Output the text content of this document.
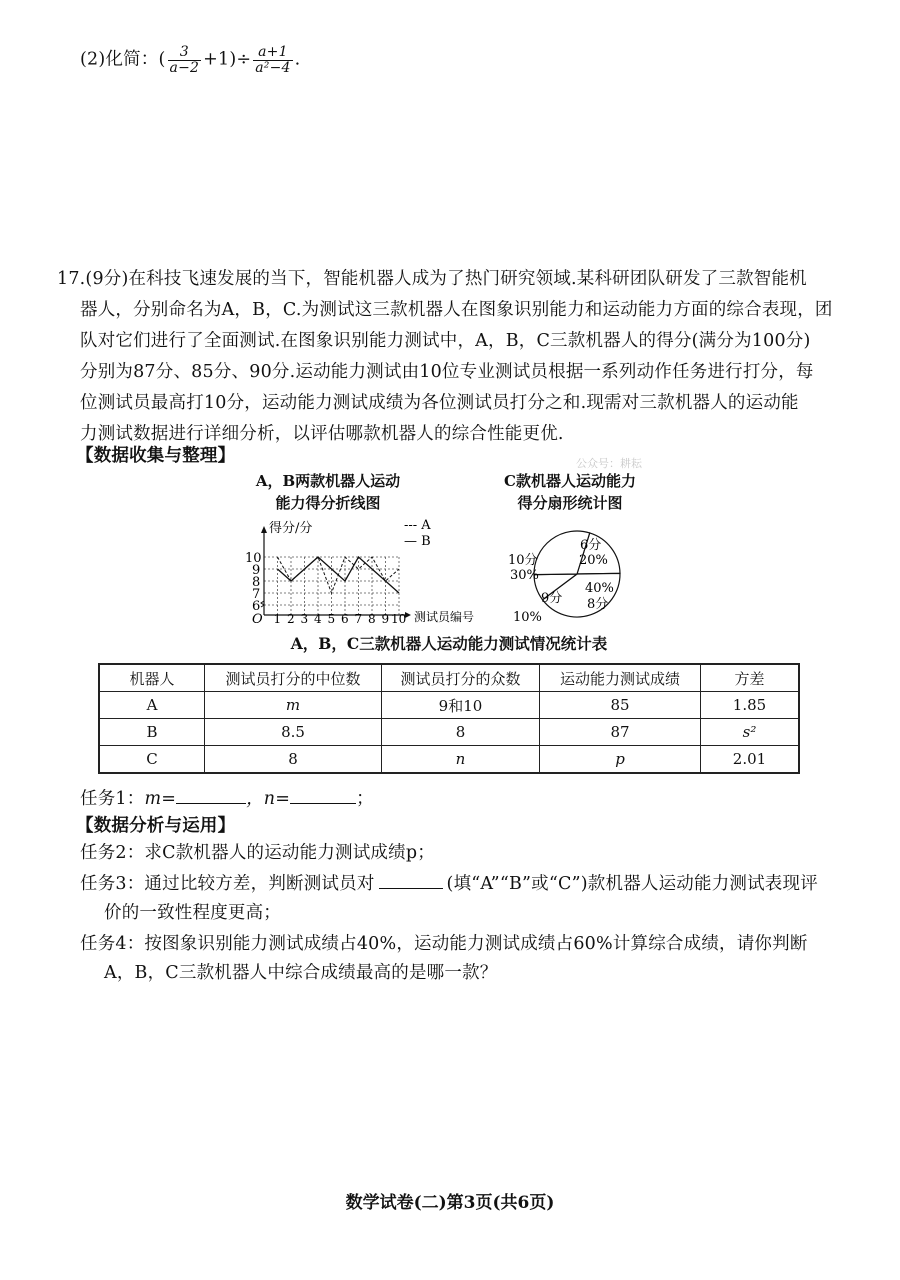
(2)化简：( $\frac{3}{a-2} +1)\div \frac{a+1}{\text{a²−4}}$ .
17.(9分)在科技飞速发展的当下，智能机器人成为了热门研究领域.某科研团队研发了三款智能机
器人，分别命名为A，B，C.为测试这三款机器人在图象识别能力和运动能力方面的综合表现，团
队对它们进行了全面测试.在图象识别能力测试中，A，B，C三款机器人的得分(满分为100分)
分别为87分、85分、90分.运动能力测试由10位专业测试员根据一系列动作任务进行打分，每
位测试员最高打10分，运动能力测试成绩为各位测试员打分之和.现需对三款机器人的运动能
力测试数据进行详细分析，以评估哪款机器人的综合性能更优.
【数据收集与整理】	公众号：耕耘
A，B两款机器人运动
能力得分折线图
C款机器人运动能力
得分扇形统计图
得分/分
测试员编号
O
--- A
— B
6
7
8
9
10
1 2 3 4 5 6 7 8 9 10
10分
30%
6分
20%
40%
8分
9分
10%
A，B，C三款机器人运动能力测试情况统计表
机器人	测试员打分的中位数	测试员打分的众数	运动能力测试成绩	方差
A	m	9和10	85	1.85
B	8.5	8	87	s²
C	8	n	p	2.01
任务1：m=	，n=	；
【数据分析与运用】
任务2：求C款机器人的运动能力测试成绩p；
任务3：通过比较方差，判断测试员对	(填“A”“B”或“C”)款机器人运动能力测试表现评
价的一致性程度更高；
任务4：按图象识别能力测试成绩占40%，运动能力测试成绩占60%计算综合成绩，请你判断
A，B，C三款机器人中综合成绩最高的是哪一款？
数学试卷(二)第3页(共6页)
